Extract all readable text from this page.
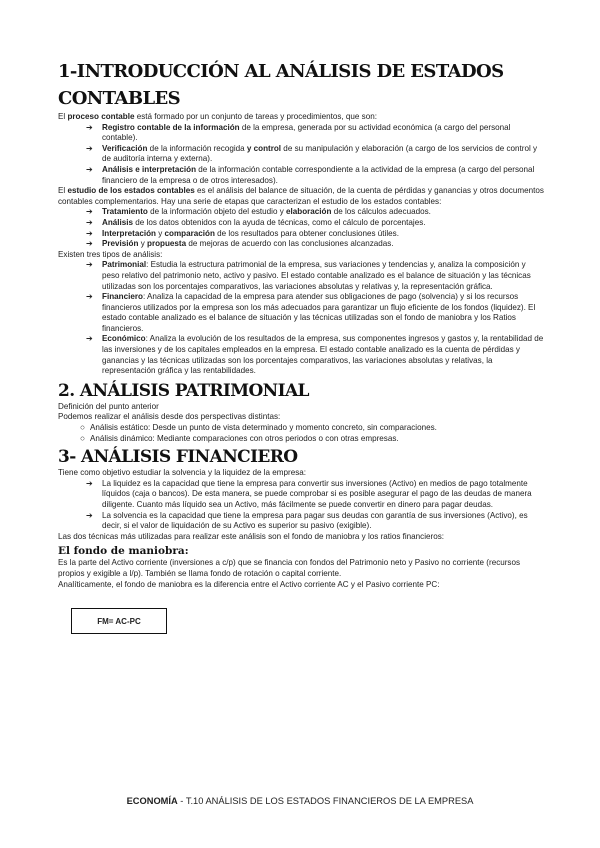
1-INTRODUCCIÓN AL ANÁLISIS DE ESTADOS CONTABLES

El proceso contable está formado por un conjunto de tareas y procedimientos, que son:

➔ Registro contable de la información de la empresa, generada por su actividad económica (a cargo del personal contable).
➔ Verificación de la información recogida y control de su manipulación y elaboración (a cargo de los servicios de control y de auditoría interna y externa).
➔ Análisis e interpretación de la información contable correspondiente a la actividad de la empresa (a cargo del personal financiero de la empresa o de otros interesados).

El estudio de los estados contables es el análisis del balance de situación, de la cuenta de pérdidas y ganancias y otros documentos contables complementarios. Hay una serie de etapas que caracterizan el estudio de los estados contables:

➔ Tratamiento de la información objeto del estudio y elaboración de los cálculos adecuados.
➔ Análisis de los datos obtenidos con la ayuda de técnicas, como el cálculo de porcentajes.
➔ Interpretación y comparación de los resultados para obtener conclusiones útiles.
➔ Previsión y propuesta de mejoras de acuerdo con las conclusiones alcanzadas.

Existen tres tipos de análisis:

➔ Patrimonial: Estudia la estructura patrimonial de la empresa, sus variaciones y tendencias y, analiza la composición y peso relativo del patrimonio neto, activo y pasivo. El estado contable analizado es el balance de situación y las técnicas utilizadas son los porcentajes comparativos, las variaciones absolutas y relativas y, la representación gráfica.
➔ Financiero: Analiza la capacidad de la empresa para atender sus obligaciones de pago (solvencia) y si los recursos financieros utilizados por la empresa son los más adecuados para garantizar un flujo eficiente de los fondos (liquidez). El estado contable analizado es el balance de situación y las técnicas utilizadas son el fondo de maniobra y los Ratios financieros.
➔ Económico: Analiza la evolución de los resultados de la empresa, sus componentes ingresos y gastos y, la rentabilidad de las inversiones y de los capitales empleados en la empresa. El estado contable analizado es la cuenta de pérdidas y ganancias y las técnicas utilizadas son los porcentajes comparativos, las variaciones absolutas y relativas, la representación gráfica y las rentabilidades.
2. ANÁLISIS PATRIMONIAL

Definición del punto anterior

Podemos realizar el análisis desde dos perspectivas distintas:

○ Análisis estático: Desde un punto de vista determinado y momento concreto, sin comparaciones.
○ Análisis dinámico: Mediante comparaciones con otros periodos o con otras empresas.
3- ANÁLISIS FINANCIERO

Tiene como objetivo estudiar la solvencia y la liquidez de la empresa:

➔ La liquidez es la capacidad que tiene la empresa para convertir sus inversiones (Activo) en medios de pago totalmente líquidos (caja o bancos). De esta manera, se puede comprobar si es posible asegurar el pago de las deudas de manera diligente. Cuanto más líquido sea un Activo, más fácilmente se puede convertir en dinero para pagar deudas.
➔ La solvencia es la capacidad que tiene la empresa para pagar sus deudas con garantía de sus inversiones (Activo), es decir, si el valor de liquidación de su Activo es superior su pasivo (exigible).

Las dos técnicas más utilizadas para realizar este análisis son el fondo de maniobra y los ratios financieros:

El fondo de maniobra:

Es la parte del Activo corriente (inversiones a c/p) que se financia con fondos del Patrimonio neto y Pasivo no corriente (recursos propios y exigible a l/p). También se llama fondo de rotación o capital corriente.

Analíticamente, el fondo de maniobra es la diferencia entre el Activo corriente AC y el Pasivo corriente PC:

FM= AC-PC
ECONOMÍA - T.10 ANÁLISIS DE LOS ESTADOS FINANCIEROS DE LA EMPRESA
